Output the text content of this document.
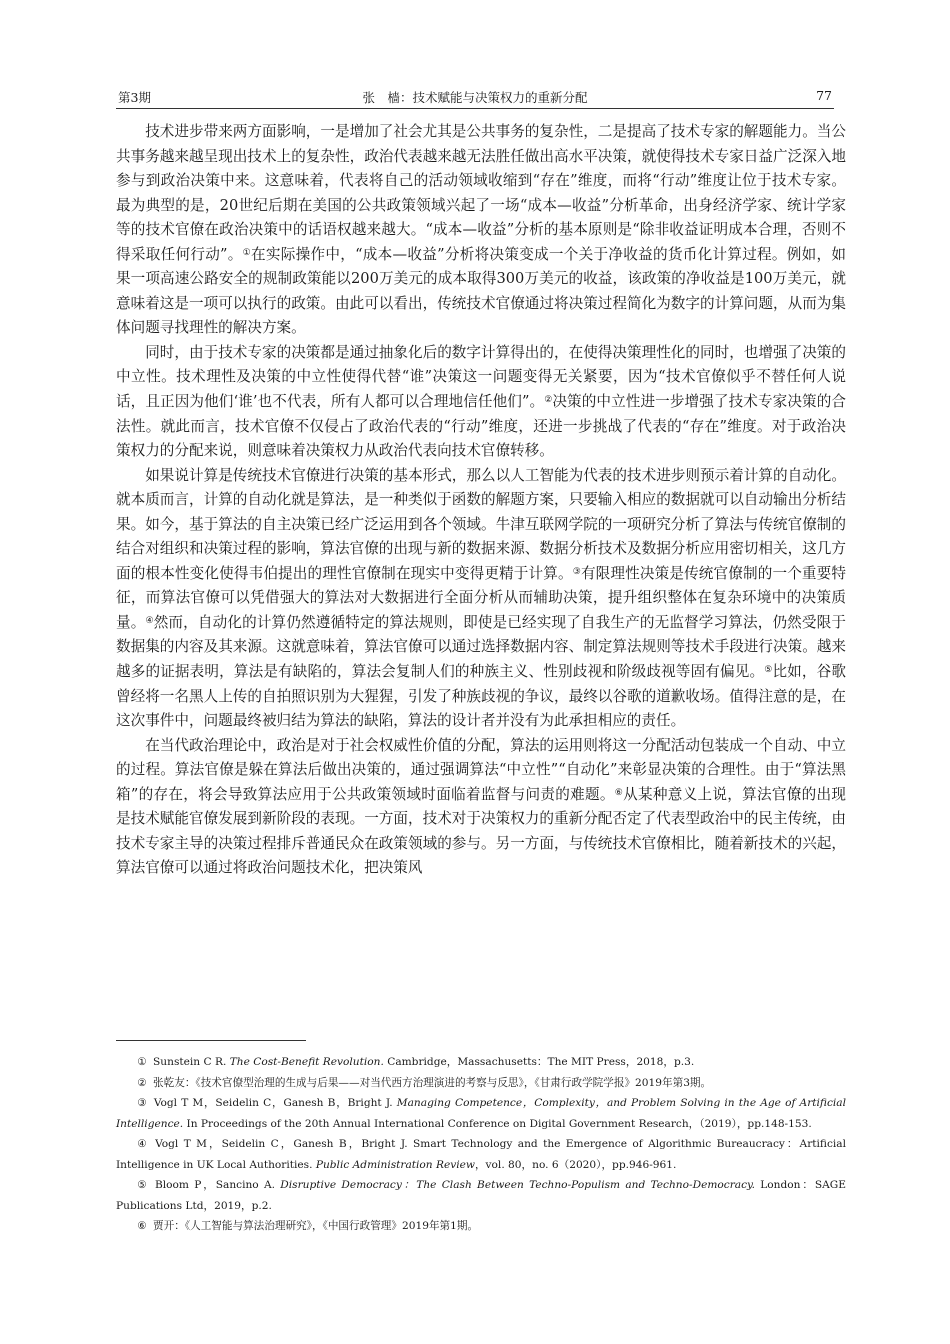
第3期	张　樯：技术赋能与决策权力的重新分配	77

技术进步带来两方面影响，一是增加了社会尤其是公共事务的复杂性，二是提高了技术专家的解题能力。当公共事务越来越呈现出技术上的复杂性，政治代表越来越无法胜任做出高水平决策，就使得技术专家日益广泛深入地参与到政治决策中来。这意味着，代表将自己的活动领域收缩到“存在”维度，而将“行动”维度让位于技术专家。最为典型的是，20世纪后期在美国的公共政策领域兴起了一场“成本—收益”分析革命，出身经济学家、统计学家等的技术官僚在政治决策中的话语权越来越大。“成本—收益”分析的基本原则是“除非收益证明成本合理，否则不得采取任何行动”。①在实际操作中，“成本—收益”分析将决策变成一个关于净收益的货币化计算过程。例如，如果一项高速公路安全的规制政策能以200万美元的成本取得300万美元的收益，该政策的净收益是100万美元，就意味着这是一项可以执行的政策。由此可以看出，传统技术官僚通过将决策过程简化为数字的计算问题，从而为集体问题寻找理性的解决方案。

同时，由于技术专家的决策都是通过抽象化后的数字计算得出的，在使得决策理性化的同时，也增强了决策的中立性。技术理性及决策的中立性使得代替“谁”决策这一问题变得无关紧要，因为“技术官僚似乎不替任何人说话，且正因为他们‘谁’也不代表，所有人都可以合理地信任他们”。②决策的中立性进一步增强了技术专家决策的合法性。就此而言，技术官僚不仅侵占了政治代表的“行动”维度，还进一步挑战了代表的“存在”维度。对于政治决策权力的分配来说，则意味着决策权力从政治代表向技术官僚转移。

如果说计算是传统技术官僚进行决策的基本形式，那么以人工智能为代表的技术进步则预示着计算的自动化。就本质而言，计算的自动化就是算法，是一种类似于函数的解题方案，只要输入相应的数据就可以自动输出分析结果。如今，基于算法的自主决策已经广泛运用到各个领域。牛津互联网学院的一项研究分析了算法与传统官僚制的结合对组织和决策过程的影响，算法官僚的出现与新的数据来源、数据分析技术及数据分析应用密切相关，这几方面的根本性变化使得韦伯提出的理性官僚制在现实中变得更精于计算。③有限理性决策是传统官僚制的一个重要特征，而算法官僚可以凭借强大的算法对大数据进行全面分析从而辅助决策，提升组织整体在复杂环境中的决策质量。④然而，自动化的计算仍然遵循特定的算法规则，即使是已经实现了自我生产的无监督学习算法，仍然受限于数据集的内容及其来源。这就意味着，算法官僚可以通过选择数据内容、制定算法规则等技术手段进行决策。越来越多的证据表明，算法是有缺陷的，算法会复制人们的种族主义、性别歧视和阶级歧视等固有偏见。⑤比如，谷歌曾经将一名黑人上传的自拍照识别为大猩猩，引发了种族歧视的争议，最终以谷歌的道歉收场。值得注意的是，在这次事件中，问题最终被归结为算法的缺陷，算法的设计者并没有为此承担相应的责任。

在当代政治理论中，政治是对于社会权威性价值的分配，算法的运用则将这一分配活动包装成一个自动、中立的过程。算法官僚是躲在算法后做出决策的，通过强调算法“中立性”“自动化”来彰显决策的合理性。由于“算法黑箱”的存在，将会导致算法应用于公共政策领域时面临着监督与问责的难题。⑥从某种意义上说，算法官僚的出现是技术赋能官僚发展到新阶段的表现。一方面，技术对于决策权力的重新分配否定了代表型政治中的民主传统，由技术专家主导的决策过程排斥普通民众在政策领域的参与。另一方面，与传统技术官僚相比，随着新技术的兴起，算法官僚可以通过将政治问题技术化，把决策风

① Sunstein C R. The Cost-Benefit Revolution. Cambridge，Massachusetts：The MIT Press，2018，p.3.

② 张乾友：《技术官僚型治理的生成与后果——对当代西方治理演进的考察与反思》，《甘肃行政学院学报》2019年第3期。

③ Vogl T M，Seidelin C，Ganesh B，Bright J. Managing Competence，Complexity，and Problem Solving in the Age of Artificial Intelligence. In Proceedings of the 20th Annual International Conference on Digital Government Research，（2019），pp.148-153.

④ Vogl T M，Seidelin C，Ganesh B，Bright J. Smart Technology and the Emergence of Algorithmic Bureaucracy：Artificial Intelligence in UK Local Authorities. Public Administration Review，vol. 80，no. 6（2020），pp.946-961.

⑤ Bloom P，Sancino A. Disruptive Democracy：The Clash Between Techno-Populism and Techno-Democracy. London：SAGE Publications Ltd，2019，p.2.

⑥ 贾开：《人工智能与算法治理研究》，《中国行政管理》2019年第1期。
